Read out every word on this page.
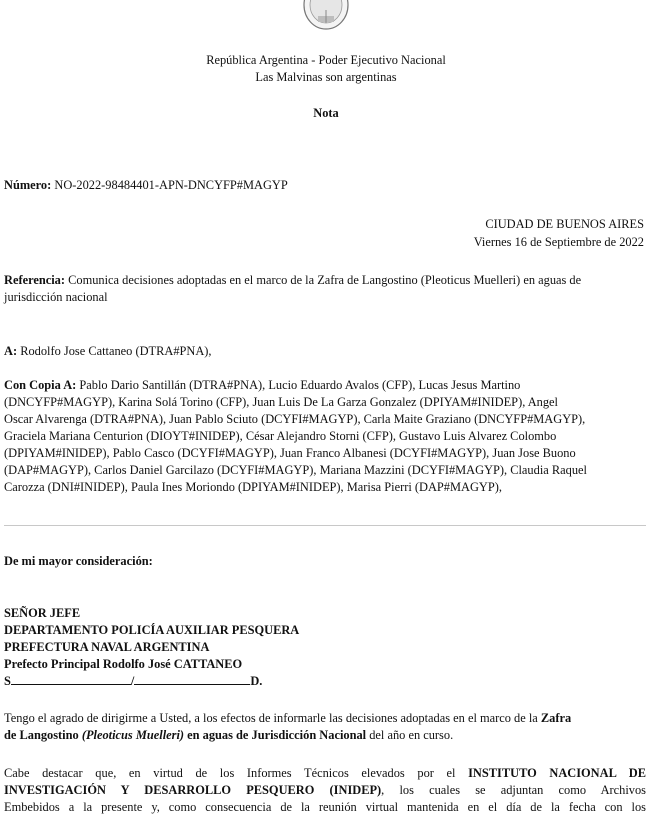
República Argentina - Poder Ejecutivo Nacional
Las Malvinas son argentinas
Nota
Número: NO-2022-98484401-APN-DNCYFP#MAGYP
CIUDAD DE BUENOS AIRES
Viernes 16 de Septiembre de 2022
Referencia: Comunica decisiones adoptadas en el marco de la Zafra de Langostino (Pleoticus Muelleri) en aguas de
jurisdicción nacional
A: Rodolfo Jose Cattaneo (DTRA#PNA),
Con Copia A: Pablo Dario Santillán (DTRA#PNA), Lucio Eduardo Avalos (CFP), Lucas Jesus Martino
(DNCYFP#MAGYP), Karina Solá Torino (CFP), Juan Luis De La Garza Gonzalez (DPIYAM#INIDEP), Angel
Oscar Alvarenga (DTRA#PNA), Juan Pablo Sciuto (DCYFI#MAGYP), Carla Maite Graziano (DNCYFP#MAGYP),
Graciela Mariana Centurion (DIOYT#INIDEP), César Alejandro Storni (CFP), Gustavo Luis Alvarez Colombo
(DPIYAM#INIDEP), Pablo Casco (DCYFI#MAGYP), Juan Franco Albanesi (DCYFI#MAGYP), Juan Jose Buono
(DAP#MAGYP), Carlos Daniel Garcilazo (DCYFI#MAGYP), Mariana Mazzini (DCYFI#MAGYP), Claudia Raquel
Carozza (DNI#INIDEP), Paula Ines Moriondo (DPIYAM#INIDEP), Marisa Pierri (DAP#MAGYP),
De mi mayor consideración:
SEÑOR JEFE
DEPARTAMENTO POLICÍA AUXILIAR PESQUERA
PREFECTURA NAVAL ARGENTINA
Prefecto Principal Rodolfo José CATTANEO
S	/	D.
Tengo el agrado de dirigirme a Usted, a los efectos de informarle las decisiones adoptadas en el marco de la Zafra
de Langostino (Pleoticus Muelleri) en aguas de Jurisdicción Nacional del año en curso.
Cabe destacar que, en virtud de los Informes Técnicos elevados por el INSTITUTO NACIONAL DE
INVESTIGACIÓN Y DESARROLLO PESQUERO (INIDEP), los cuales se adjuntan como Archivos
Embebidos a la presente y, como consecuencia de la reunión virtual mantenida en el día de la fecha con los
